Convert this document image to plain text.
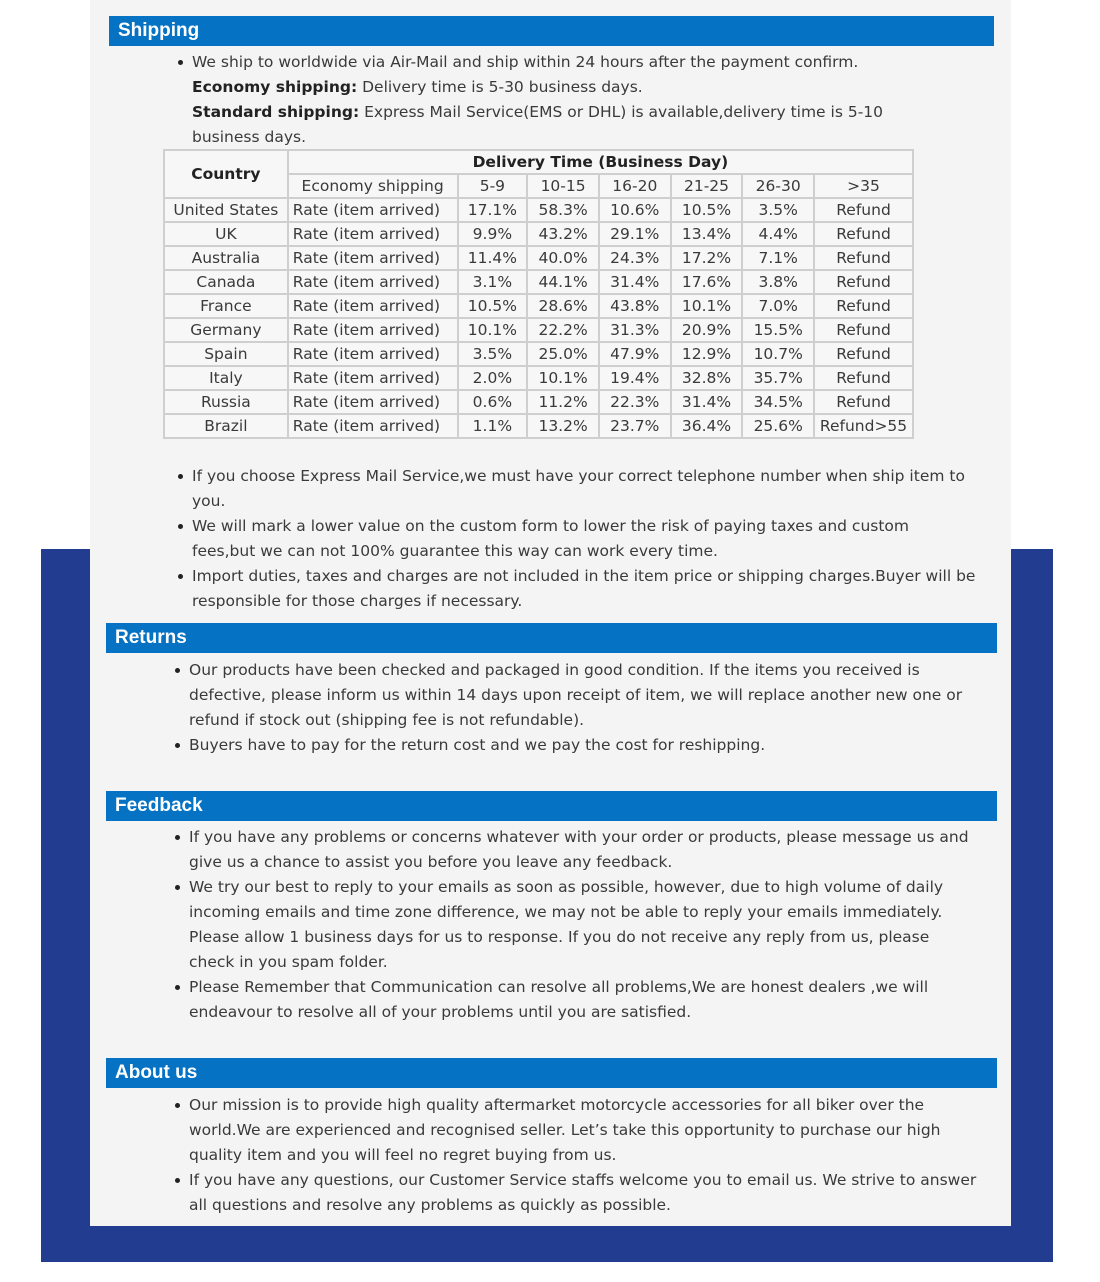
Shipping
We ship to worldwide via Air-Mail and ship within 24 hours after the payment confirm.
Economy shipping: Delivery time is 5-30 business days.
Standard shipping: Express Mail Service(EMS or DHL) is available,delivery time is 5-10 business days.
Country	Delivery Time (Business Day)						
	Economy shipping	5-9	10-15	16-20	21-25	26-30	>35
United States	Rate (item arrived)	17.1%	58.3%	10.6%	10.5%	3.5%	Refund
UK	Rate (item arrived)	9.9%	43.2%	29.1%	13.4%	4.4%	Refund
Australia	Rate (item arrived)	11.4%	40.0%	24.3%	17.2%	7.1%	Refund
Canada	Rate (item arrived)	3.1%	44.1%	31.4%	17.6%	3.8%	Refund
France	Rate (item arrived)	10.5%	28.6%	43.8%	10.1%	7.0%	Refund
Germany	Rate (item arrived)	10.1%	22.2%	31.3%	20.9%	15.5%	Refund
Spain	Rate (item arrived)	3.5%	25.0%	47.9%	12.9%	10.7%	Refund
Italy	Rate (item arrived)	2.0%	10.1%	19.4%	32.8%	35.7%	Refund
Russia	Rate (item arrived)	0.6%	11.2%	22.3%	31.4%	34.5%	Refund
Brazil	Rate (item arrived)	1.1%	13.2%	23.7%	36.4%	25.6%	Refund>55
If you choose Express Mail Service,we must have your correct telephone number when ship item to you.
We will mark a lower value on the custom form to lower the risk of paying taxes and custom fees,but we can not 100% guarantee this way can work every time.
Import duties, taxes and charges are not included in the item price or shipping charges.Buyer will be responsible for those charges if necessary.
Returns
Our products have been checked and packaged in good condition. If the items you received is defective, please inform us within 14 days upon receipt of item, we will replace another new one or refund if stock out (shipping fee is not refundable).
Buyers have to pay for the return cost and we pay the cost for reshipping.
Feedback
If you have any problems or concerns whatever with your order or products, please message us and give us a chance to assist you before you leave any feedback.
We try our best to reply to your emails as soon as possible, however, due to high volume of daily incoming emails and time zone difference, we may not be able to reply your emails immediately. Please allow 1 business days for us to response. If you do not receive any reply from us, please check in you spam folder.
Please Remember that Communication can resolve all problems,We are honest dealers ,we will endeavour to resolve all of your problems until you are satisfied.
About us
Our mission is to provide high quality aftermarket motorcycle accessories for all biker over the world.We are experienced and recognised seller. Let’s take this opportunity to purchase our high quality item and you will feel no regret buying from us.
If you have any questions, our Customer Service staffs welcome you to email us. We strive to answer all questions and resolve any problems as quickly as possible.
